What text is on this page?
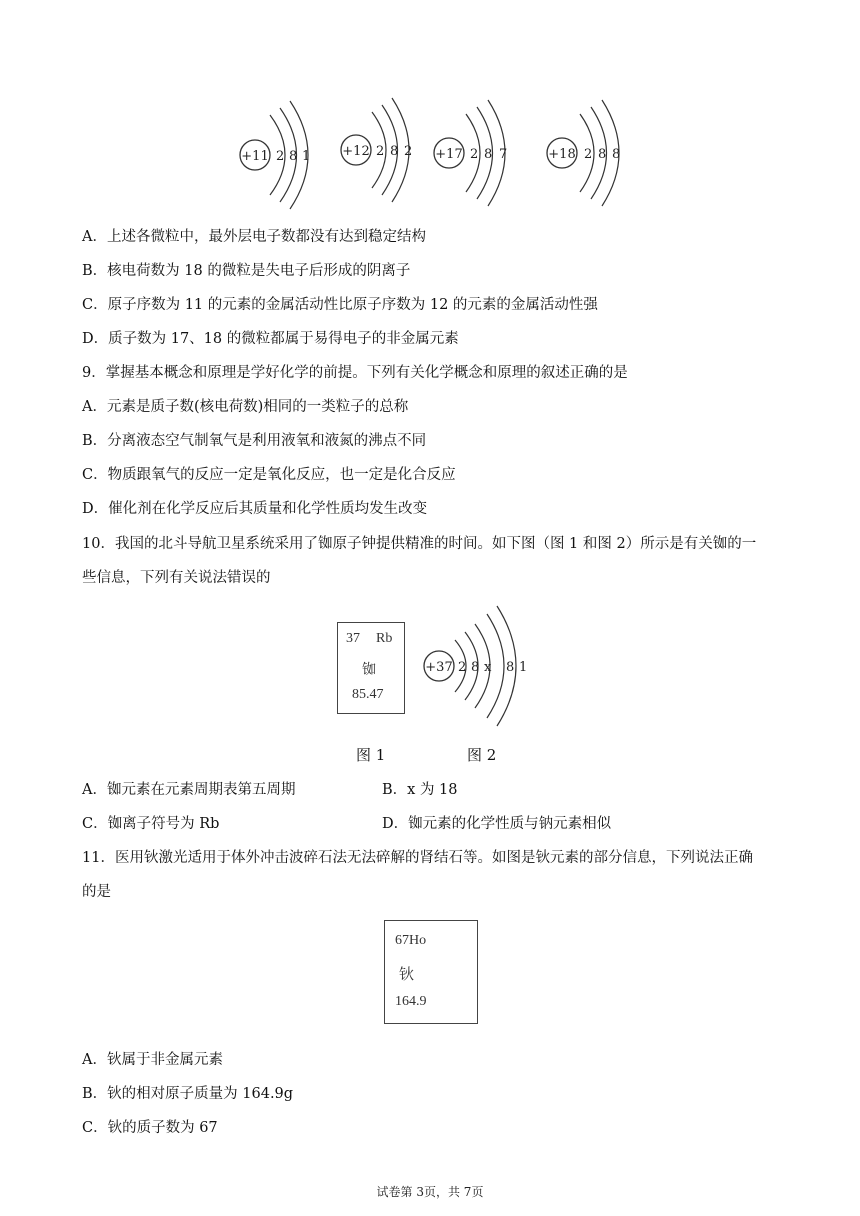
+11 2 8 1 +12 2 8 2 +17 2 8 7	+18 2 8 8
A．上述各微粒中，最外层电子数都没有达到稳定结构
B．核电荷数为 18 的微粒是失电子后形成的阴离子
C．原子序数为 11 的元素的金属活动性比原子序数为 12 的元素的金属活动性强
D．质子数为 17、18 的微粒都属于易得电子的非金属元素
9．掌握基本概念和原理是学好化学的前提。下列有关化学概念和原理的叙述正确的是
A．元素是质子数(核电荷数)相同的一类粒子的总称
B．分离液态空气制氧气是利用液氧和液氮的沸点不同
C．物质跟氧气的反应一定是氧化反应，也一定是化合反应
D．催化剂在化学反应后其质量和化学性质均发生改变
10．我国的北斗导航卫星系统采用了铷原子钟提供精准的时间。如下图（图 1 和图 2）所示是有关铷的一
些信息，下列有关说法错误的
37 Rb
铷
85.47
+37 2 8 x 8 1
图 1	图 2
A．铷元素在元素周期表第五周期	B．x 为 18
C．铷离子符号为 Rb	D．铷元素的化学性质与钠元素相似
11．医用钬激光适用于体外冲击波碎石法无法碎解的肾结石等。如图是钬元素的部分信息，下列说法正确
的是
67Ho
钬
164.9
A．钬属于非金属元素
B．钬的相对原子质量为 164.9g
C．钬的质子数为 67
试卷第 3页，共 7页
